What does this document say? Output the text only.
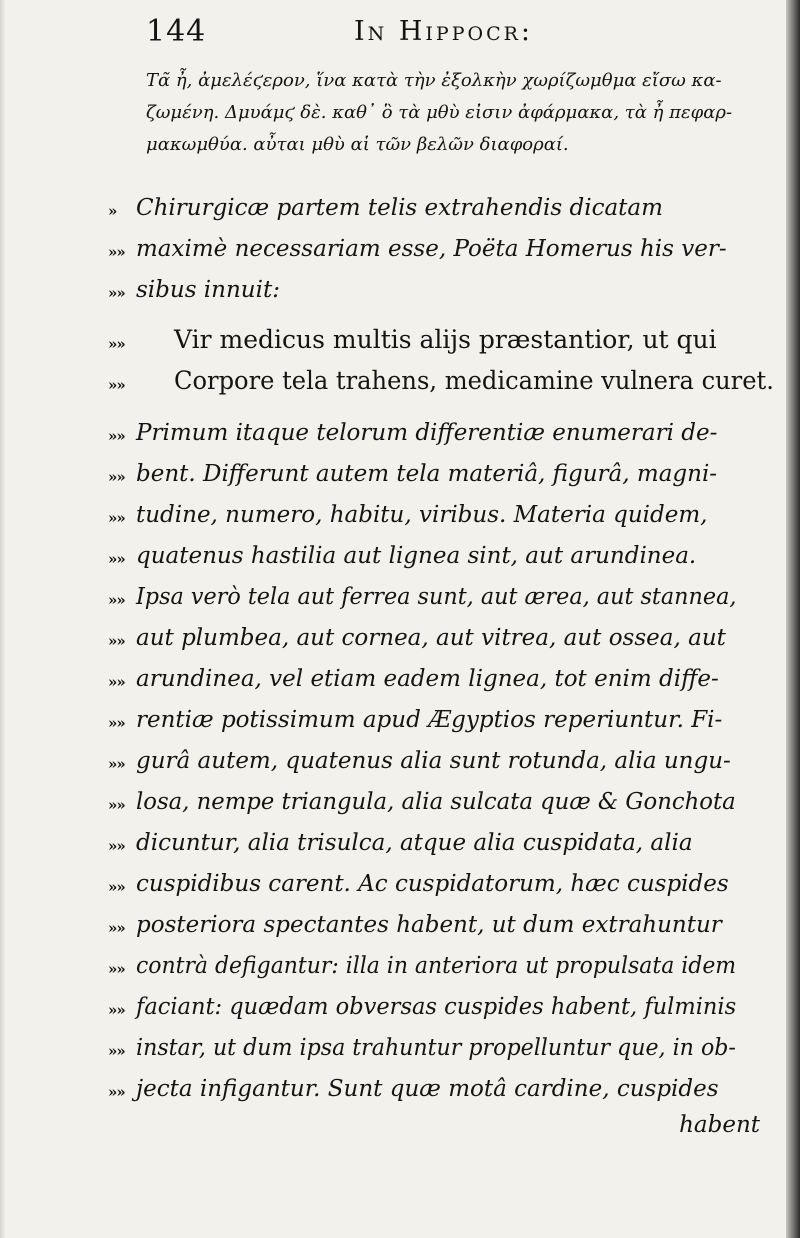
144	In Hippocr:
Τα̃ ἦ, ἀμελέϛερον, ἵνα κατὰ τὴν ἐξολκὴν χωρίζωμθμα εἴσω κα-
ζωμένη. Δμυάμϛ δὲ. καθ᾽ ὃ τὰ μθὺ εἰσιν ἀφάρμακα, τὰ ἦ πεφαρ-
μακωμθύα. αὖται μθὺ αἱ τῶν βελῶν διαφοραί.
» Chirurgicæ partem telis extrahendis dicatam
»» maximè necessariam esse, Poëta Homerus his ver-
»» sibus innuit:
»» Vir medicus multis alijs præstantior, ut qui
»» Corpore tela trahens, medicamine vulnera curet.
»» Primum itaque telorum differentiæ enumerari de-
»» bent. Differunt autem tela materiâ, figurâ, magni-
»» tudine, numero, habitu, viribus. Materia quidem,
»» quatenus hastilia aut lignea sint, aut arundinea.
»» Ipsa verò tela aut ferrea sunt, aut ærea, aut stannea,
»» aut plumbea, aut cornea, aut vitrea, aut ossea, aut
»» arundinea, vel etiam eadem lignea, tot enim diffe-
»» rentiæ potissimum apud Ægyptios reperiuntur. Fi-
»» gurâ autem, quatenus alia sunt rotunda, alia ungu-
»» losa, nempe triangula, alia sulcata quæ & Gonchota
»» dicuntur, alia trisulca, atque alia cuspidata, alia
»» cuspidibus carent. Ac cuspidatorum, hæc cuspides
»» posteriora spectantes habent, ut dum extrahuntur
»» contrà defigantur: illa in anteriora ut propulsata idem
»» faciant: quædam obversas cuspides habent, fulminis
»» instar, ut dum ipsa trahuntur propelluntur que, in ob-
»» jecta infigantur. Sunt quæ motâ cardine, cuspides
habent
